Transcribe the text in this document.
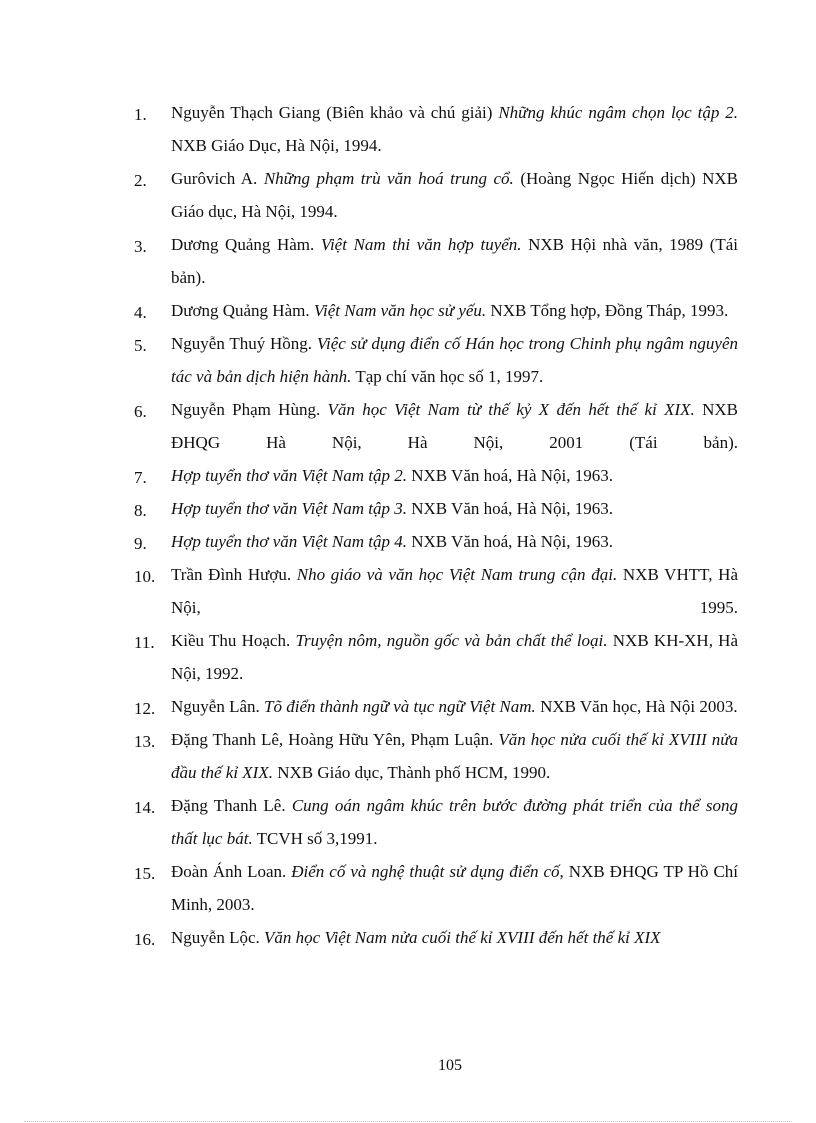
1.	Nguyễn Thạch Giang (Biên khảo và chú giải) Những khúc ngâm chọn lọc tập 2. NXB Giáo Dục, Hà Nội, 1994.
2.	Gurôvich A. Những phạm trù văn hoá trung cổ. (Hoàng Ngọc Hiến dịch) NXB Giáo dục, Hà Nội, 1994.
3.	Dương Quảng Hàm. Việt Nam thi văn hợp tuyển. NXB Hội nhà văn, 1989 (Tái bản).
4.	Dương Quảng Hàm. Việt Nam văn học sử yếu. NXB Tổng hợp, Đồng Tháp, 1993.
5.	Nguyễn Thuý Hồng. Việc sử dụng điển cố Hán học trong Chinh phụ ngâm nguyên tác và bản dịch hiện hành. Tạp chí văn học số 1, 1997.
6.	Nguyễn Phạm Hùng. Văn học Việt Nam từ thế kỷ X đến hết thế kỉ XIX. NXB ĐHQG Hà Nội, Hà Nội, 2001 (Tái bản).
7.	Hợp tuyển thơ văn Việt Nam tập 2. NXB Văn hoá, Hà Nội, 1963.
8.	Hợp tuyển thơ văn Việt Nam tập 3. NXB Văn hoá, Hà Nội, 1963.
9.	Hợp tuyển thơ văn Việt Nam tập 4. NXB Văn hoá, Hà Nội, 1963.
10. Trần Đình Hượu. Nho giáo và văn học Việt Nam trung cận đại. NXB VHTT, Hà Nội, 1995.
11. Kiều Thu Hoạch. Truyện nôm, nguồn gốc và bản chất thể loại. NXB KH-XH, Hà Nội, 1992.
12. Nguyễn Lân. Tõ điển thành ngữ và tục ngữ Việt Nam. NXB Văn học, Hà Nội 2003.
13. Đặng Thanh Lê, Hoàng Hữu Yên, Phạm Luận. Văn học nửa cuối thế kỉ XVIII nửa đầu thế kỉ XIX. NXB Giáo dục, Thành phố HCM, 1990.
14. Đặng Thanh Lê. Cung oán ngâm khúc trên bước đường phát triển của thể song thất lục bát. TCVH số 3,1991.
15. Đoàn Ánh Loan. Điển cố và nghệ thuật sử dụng điển cố, NXB ĐHQG TP Hồ Chí Minh, 2003.
16. Nguyễn Lộc. Văn học Việt Nam nửa cuối thế kỉ XVIII đến hết thế kỉ XIX
105
